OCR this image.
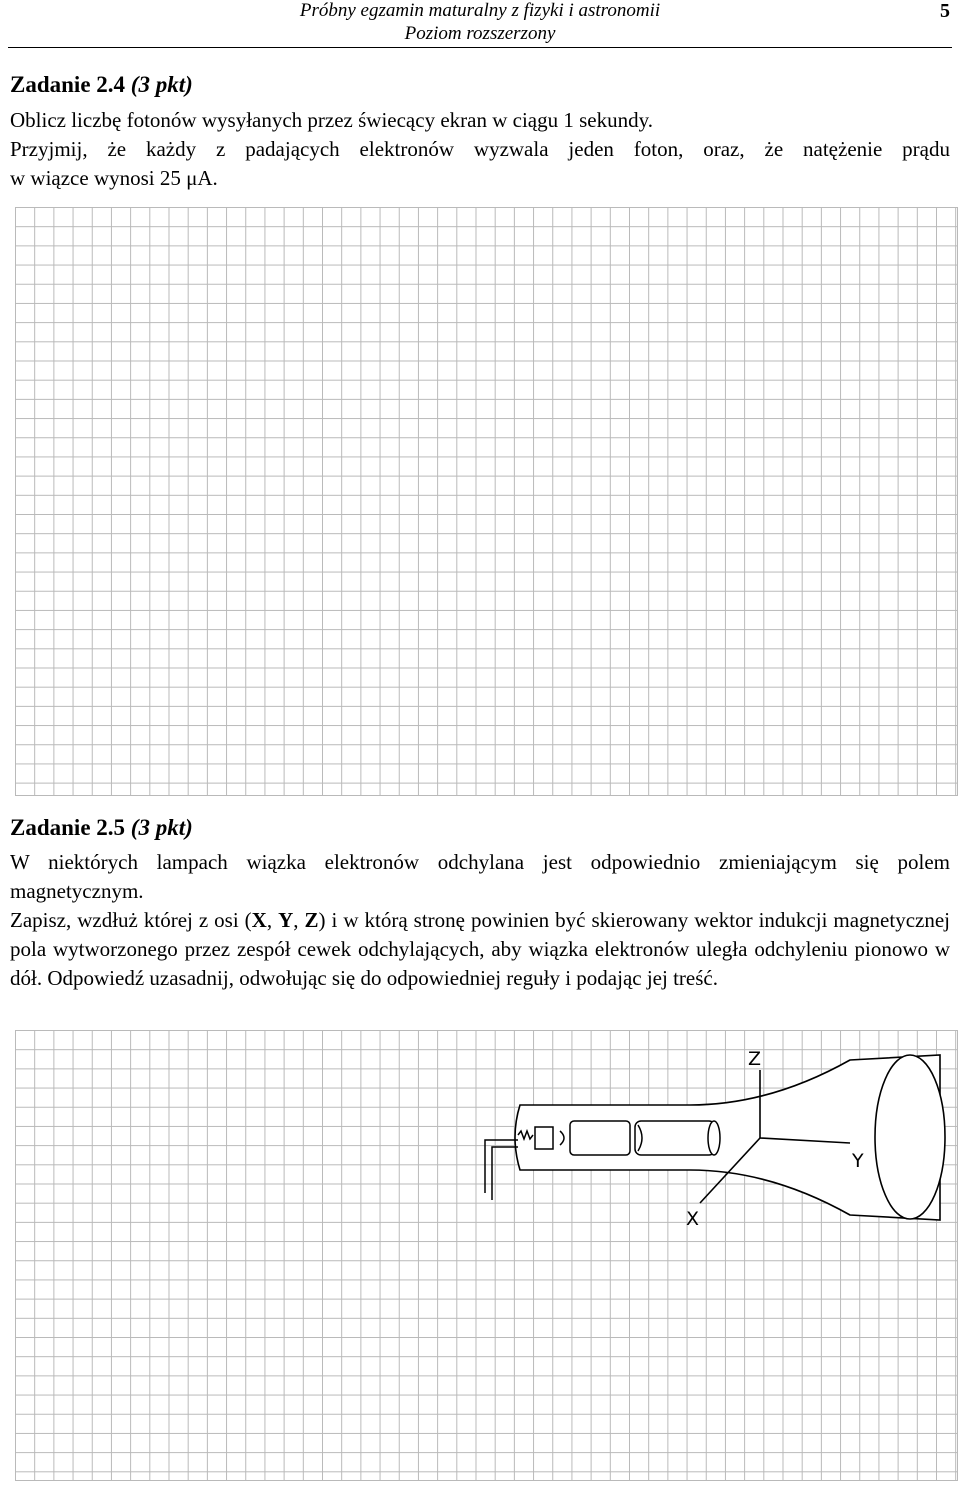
Próbny egzamin maturalny z fizyki i astronomii
Poziom rozszerzony
5
Zadanie 2.4 (3 pkt)

Oblicz liczbę fotonów wysyłanych przez świecący ekran w ciągu 1 sekundy.

Przyjmij, że każdy z padających elektronów wyzwala jeden foton, oraz, że natężenie prądu

w wiązce wynosi 25 μA.

Zadanie 2.5 (3 pkt)

W niektórych lampach wiązka elektronów odchylana jest odpowiednio zmieniającym się polem magnetycznym.

Zapisz, wzdłuż której z osi (X, Y, Z) i w którą stronę powinien być skierowany wektor indukcji magnetycznej pola wytworzonego przez zespół cewek odchylających, aby wiązka elektronów uległa odchyleniu pionowo w dół. Odpowiedź uzasadnij, odwołując się do odpowiedniej reguły i podając jej treść.

Z
Y
X
